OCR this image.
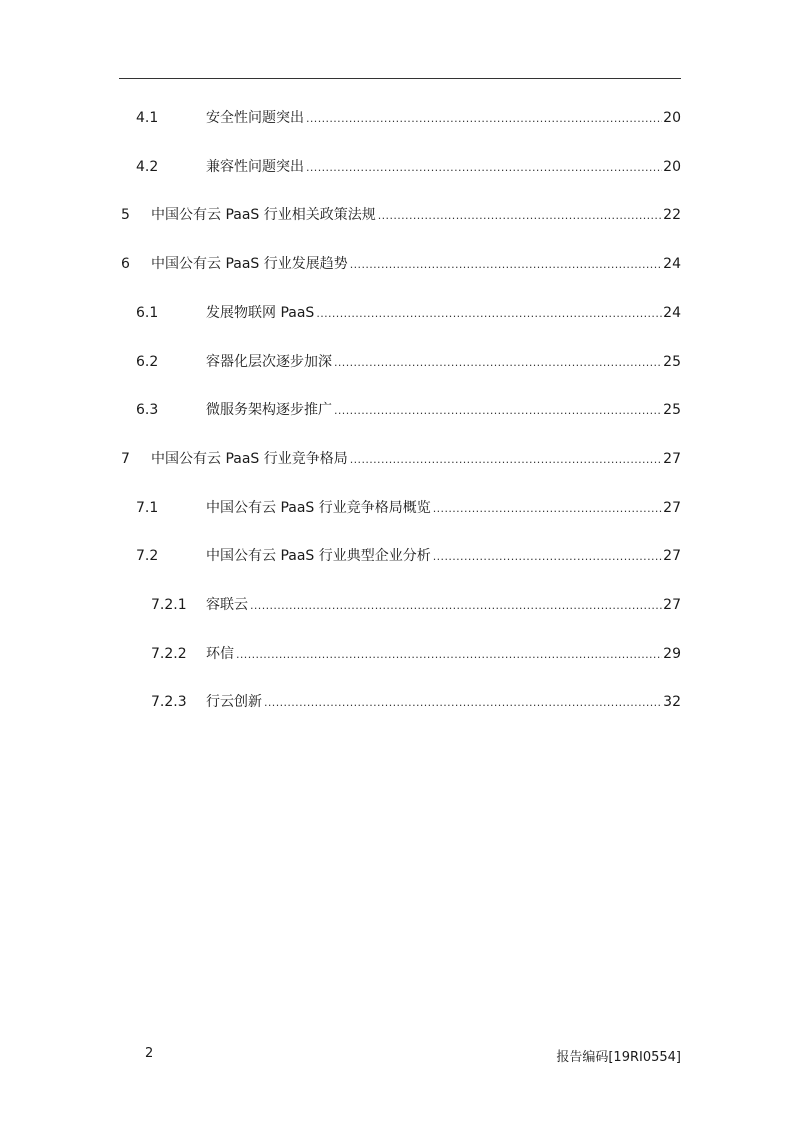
4.1	安全性问题突出 .....	20
4.2	兼容性问题突出 .....	20
5 中国公有云 PaaS 行业相关政策法规 .....	22
6 中国公有云 PaaS 行业发展趋势 .....	24
6.1	发展物联网 PaaS .....	24
6.2	容器化层次逐步加深 .....	25
6.3	微服务架构逐步推广 .....	25
7 中国公有云 PaaS 行业竞争格局 .....	27
7.1	中国公有云 PaaS 行业竞争格局概览 .....	27
7.2	中国公有云 PaaS 行业典型企业分析 .....	27
7.2.1 容联云 .....	27
7.2.2 环信 .....	29
7.2.3 行云创新 .....	32
2	报告编码[19RI0554]
